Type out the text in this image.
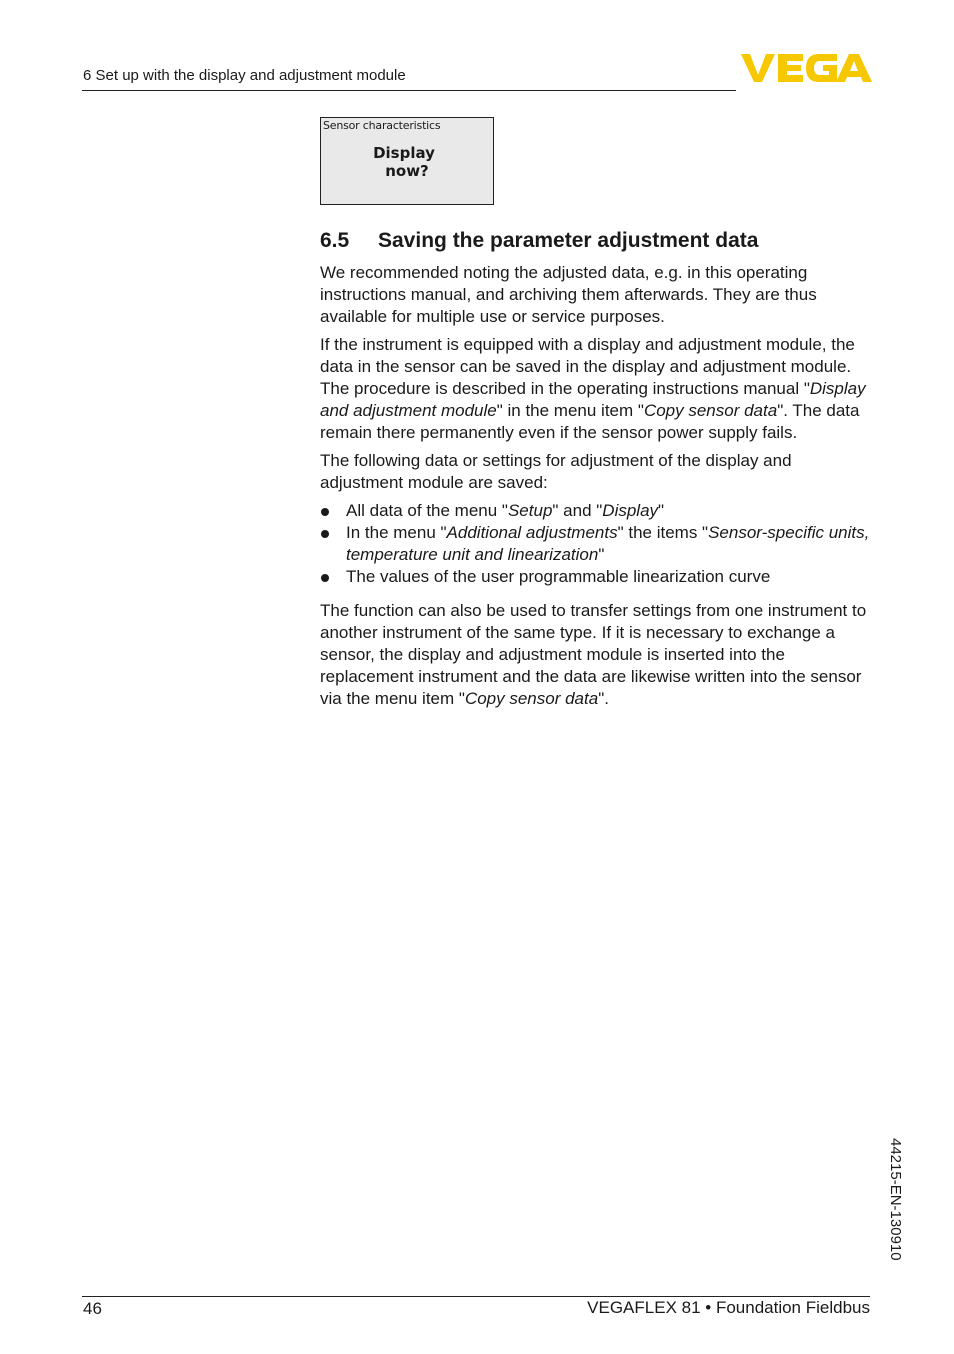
6 Set up with the display and adjustment module
Sensor characteristics
Display
now?
6.5 Saving the parameter adjustment data

We recommended noting the adjusted data, e.g. in this operating instructions manual, and archiving them afterwards. They are thus available for multiple use or service purposes.

If the instrument is equipped with a display and adjustment module, the data in the sensor can be saved in the display and adjustment module. The procedure is described in the operating instructions manual "Display and adjustment module" in the menu item "Copy sensor data". The data remain there permanently even if the sensor power supply fails.

The following data or settings for adjustment of the display and adjustment module are saved:

All data of the menu "Setup" and "Display"
In the menu "Additional adjustments" the items "Sensor-specific units, temperature unit and linearization"
The values of the user programmable linearization curve

The function can also be used to transfer settings from one instrument to another instrument of the same type. If it is necessary to exchange a sensor, the display and adjustment module is inserted into the replacement instrument and the data are likewise written into the sensor via the menu item "Copy sensor data".

44215-EN-130910
46	VEGAFLEX 81 • Foundation Fieldbus
